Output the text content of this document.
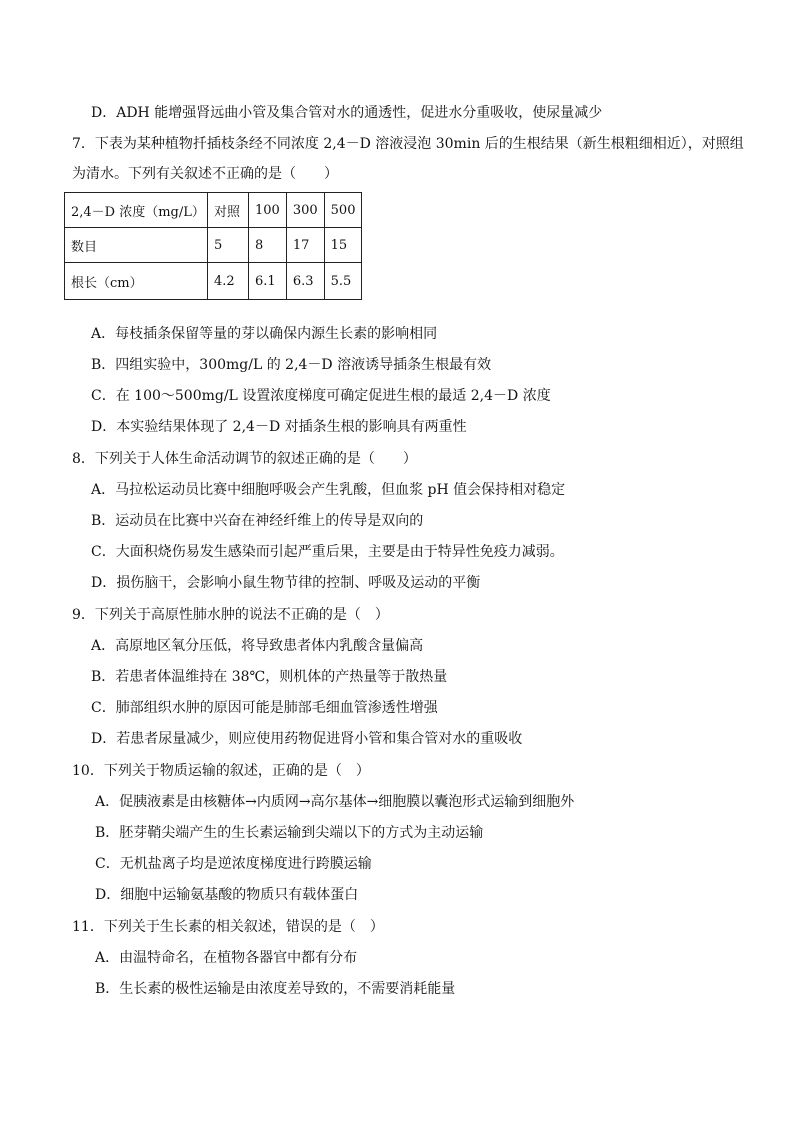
D．ADH 能增强肾远曲小管及集合管对水的通透性，促进水分重吸收，使尿量减少
7．下表为某种植物扦插枝条经不同浓度 2,4－D 溶液浸泡 30min 后的生根结果（新生根粗细相近），对照组
为清水。下列有关叙述不正确的是（　　）
2,4－D 浓度（mg/L）	对照	100	300	500
数目	5	8	17	15
根长（cm）	4.2	6.1	6.3	5.5
A．每枝插条保留等量的芽以确保内源生长素的影响相同
B．四组实验中，300mg/L 的 2,4－D 溶液诱导插条生根最有效
C．在 100～500mg/L 设置浓度梯度可确定促进生根的最适 2,4－D 浓度
D．本实验结果体现了 2,4－D 对插条生根的影响具有两重性
8．下列关于人体生命活动调节的叙述正确的是（　　）
A．马拉松运动员比赛中细胞呼吸会产生乳酸，但血浆 pH 值会保持相对稳定
B．运动员在比赛中兴奋在神经纤维上的传导是双向的
C．大面积烧伤易发生感染而引起严重后果，主要是由于特异性免疫力减弱。
D．损伤脑干，会影响小鼠生物节律的控制、呼吸及运动的平衡
9．下列关于高原性肺水肿的说法不正确的是（　）
A．高原地区氧分压低，将导致患者体内乳酸含量偏高
B．若患者体温维持在 38℃，则机体的产热量等于散热量
C．肺部组织水肿的原因可能是肺部毛细血管渗透性增强
D．若患者尿量减少，则应使用药物促进肾小管和集合管对水的重吸收
10．下列关于物质运输的叙述，正确的是（　）
A．促胰液素是由核糖体→内质网→高尔基体→细胞膜以囊泡形式运输到细胞外
B．胚芽鞘尖端产生的生长素运输到尖端以下的方式为主动运输
C．无机盐离子均是逆浓度梯度进行跨膜运输
D．细胞中运输氨基酸的物质只有载体蛋白
11．下列关于生长素的相关叙述，错误的是（　）
A．由温特命名，在植物各器官中都有分布
B．生长素的极性运输是由浓度差导致的，不需要消耗能量
